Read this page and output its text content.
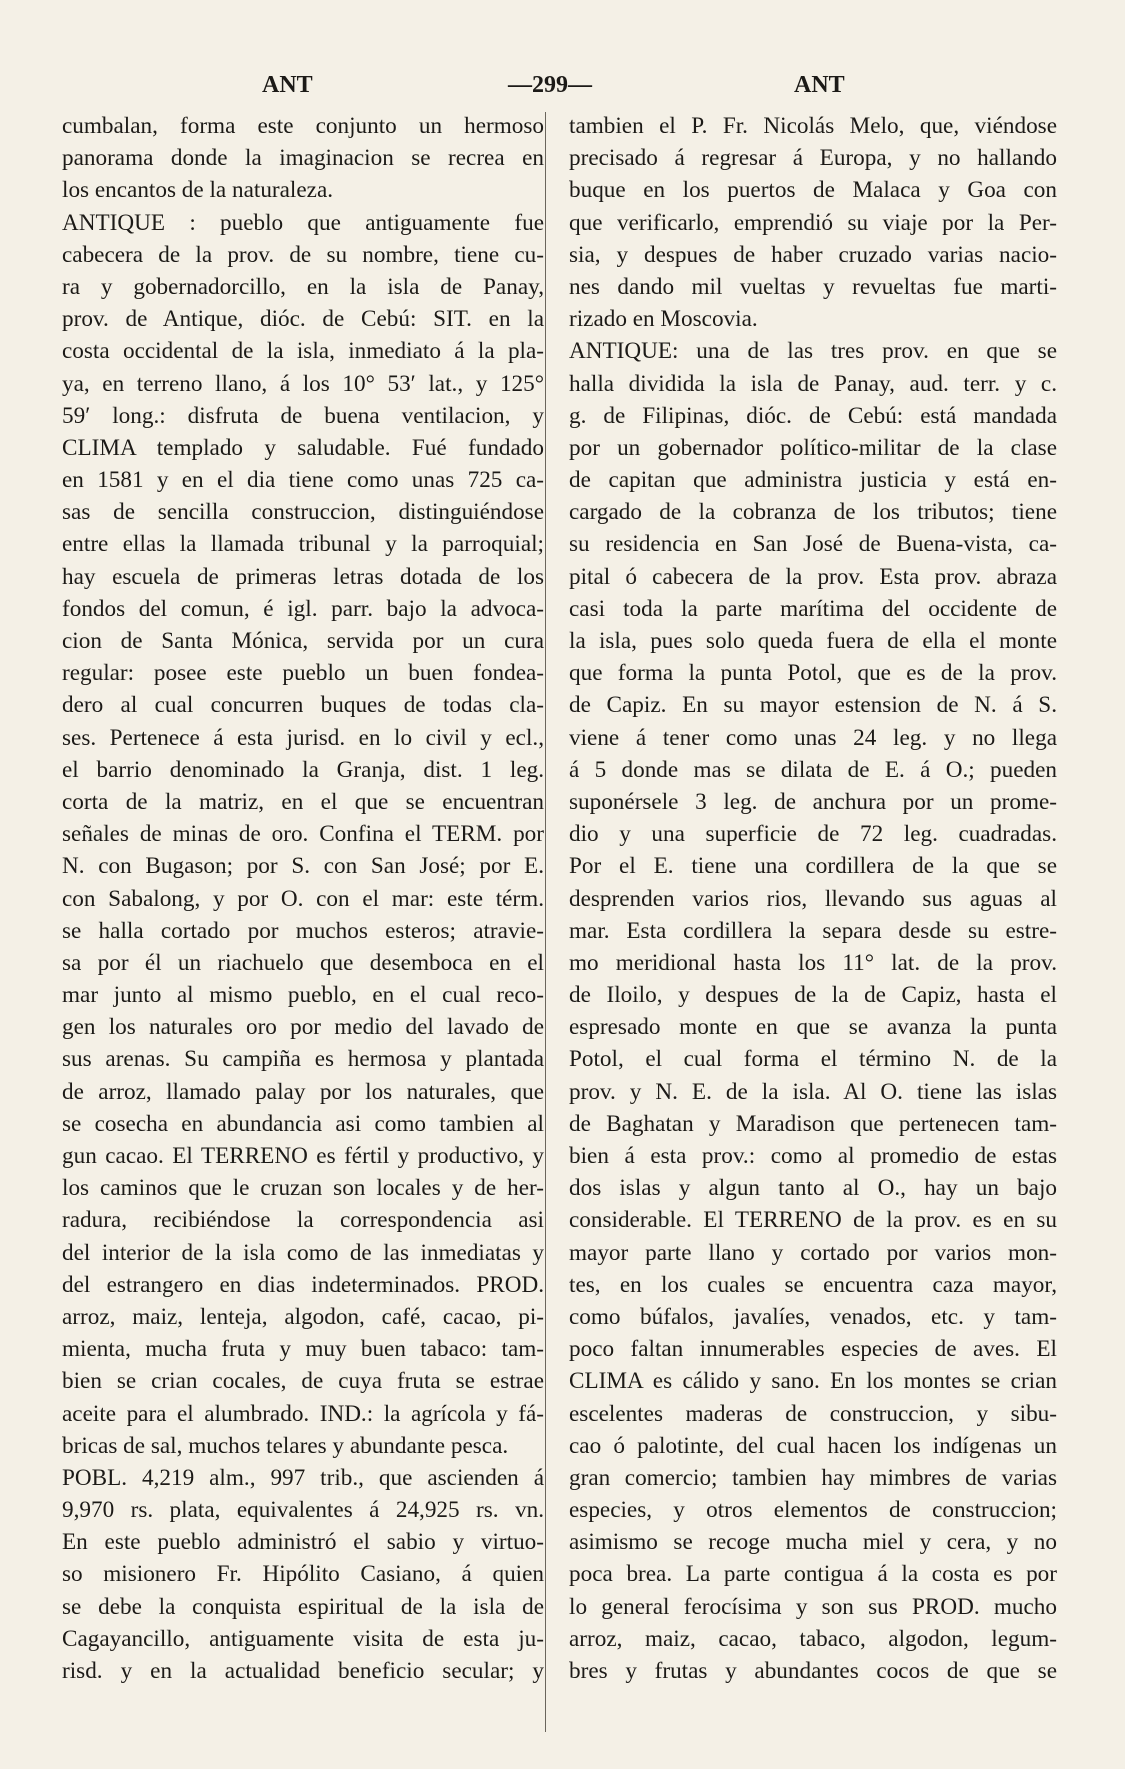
ANT	—299—	ANT
cumbalan, forma este conjunto un hermoso
panorama donde la imaginacion se recrea en
los encantos de la naturaleza.
ANTIQUE : pueblo que antiguamente fue
cabecera de la prov. de su nombre, tiene cu-
ra y gobernadorcillo, en la isla de Panay,
prov. de Antique, dióc. de Cebú: SIT. en la
costa occidental de la isla, inmediato á la pla-
ya, en terreno llano, á los 10° 53′ lat., y 125°
59′ long.: disfruta de buena ventilacion, y
CLIMA templado y saludable. Fué fundado
en 1581 y en el dia tiene como unas 725 ca-
sas de sencilla construccion, distinguiéndose
entre ellas la llamada tribunal y la parroquial;
hay escuela de primeras letras dotada de los
fondos del comun, é igl. parr. bajo la advoca-
cion de Santa Mónica, servida por un cura
regular: posee este pueblo un buen fondea-
dero al cual concurren buques de todas cla-
ses. Pertenece á esta jurisd. en lo civil y ecl.,
el barrio denominado la Granja, dist. 1 leg.
corta de la matriz, en el que se encuentran
señales de minas de oro. Confina el TERM. por
N. con Bugason; por S. con San José; por E.
con Sabalong, y por O. con el mar: este térm.
se halla cortado por muchos esteros; atravie-
sa por él un riachuelo que desemboca en el
mar junto al mismo pueblo, en el cual reco-
gen los naturales oro por medio del lavado de
sus arenas. Su campiña es hermosa y plantada
de arroz, llamado palay por los naturales, que
se cosecha en abundancia asi como tambien al
gun cacao. El TERRENO es fértil y productivo, y
los caminos que le cruzan son locales y de her-
radura, recibiéndose la correspondencia asi
del interior de la isla como de las inmediatas y
del estrangero en dias indeterminados. PROD.
arroz, maiz, lenteja, algodon, café, cacao, pi-
mienta, mucha fruta y muy buen tabaco: tam-
bien se crian cocales, de cuya fruta se estrae
aceite para el alumbrado. IND.: la agrícola y fá-
bricas de sal, muchos telares y abundante pesca.
POBL. 4,219 alm., 997 trib., que ascienden á
9,970 rs. plata, equivalentes á 24,925 rs. vn.
En este pueblo administró el sabio y virtuo-
so misionero Fr. Hipólito Casiano, á quien
se debe la conquista espiritual de la isla de
Cagayancillo, antiguamente visita de esta ju-
risd. y en la actualidad beneficio secular; y
tambien el P. Fr. Nicolás Melo, que, viéndose
precisado á regresar á Europa, y no hallando
buque en los puertos de Malaca y Goa con
que verificarlo, emprendió su viaje por la Per-
sia, y despues de haber cruzado varias nacio-
nes dando mil vueltas y revueltas fue marti-
rizado en Moscovia.
ANTIQUE: una de las tres prov. en que se
halla dividida la isla de Panay, aud. terr. y c.
g. de Filipinas, dióc. de Cebú: está mandada
por un gobernador político-militar de la clase
de capitan que administra justicia y está en-
cargado de la cobranza de los tributos; tiene
su residencia en San José de Buena-vista, ca-
pital ó cabecera de la prov. Esta prov. abraza
casi toda la parte marítima del occidente de
la isla, pues solo queda fuera de ella el monte
que forma la punta Potol, que es de la prov.
de Capiz. En su mayor estension de N. á S.
viene á tener como unas 24 leg. y no llega
á 5 donde mas se dilata de E. á O.; pueden
suponérsele 3 leg. de anchura por un prome-
dio y una superficie de 72 leg. cuadradas.
Por el E. tiene una cordillera de la que se
desprenden varios rios, llevando sus aguas al
mar. Esta cordillera la separa desde su estre-
mo meridional hasta los 11° lat. de la prov.
de Iloilo, y despues de la de Capiz, hasta el
espresado monte en que se avanza la punta
Potol, el cual forma el término N. de la
prov. y N. E. de la isla. Al O. tiene las islas
de Baghatan y Maradison que pertenecen tam-
bien á esta prov.: como al promedio de estas
dos islas y algun tanto al O., hay un bajo
considerable. El TERRENO de la prov. es en su
mayor parte llano y cortado por varios mon-
tes, en los cuales se encuentra caza mayor,
como búfalos, javalíes, venados, etc. y tam-
poco faltan innumerables especies de aves. El
CLIMA es cálido y sano. En los montes se crian
escelentes maderas de construccion, y sibu-
cao ó palotinte, del cual hacen los indígenas un
gran comercio; tambien hay mimbres de varias
especies, y otros elementos de construccion;
asimismo se recoge mucha miel y cera, y no
poca brea. La parte contigua á la costa es por
lo general ferocísima y son sus PROD. mucho
arroz, maiz, cacao, tabaco, algodon, legum-
bres y frutas y abundantes cocos de que se
